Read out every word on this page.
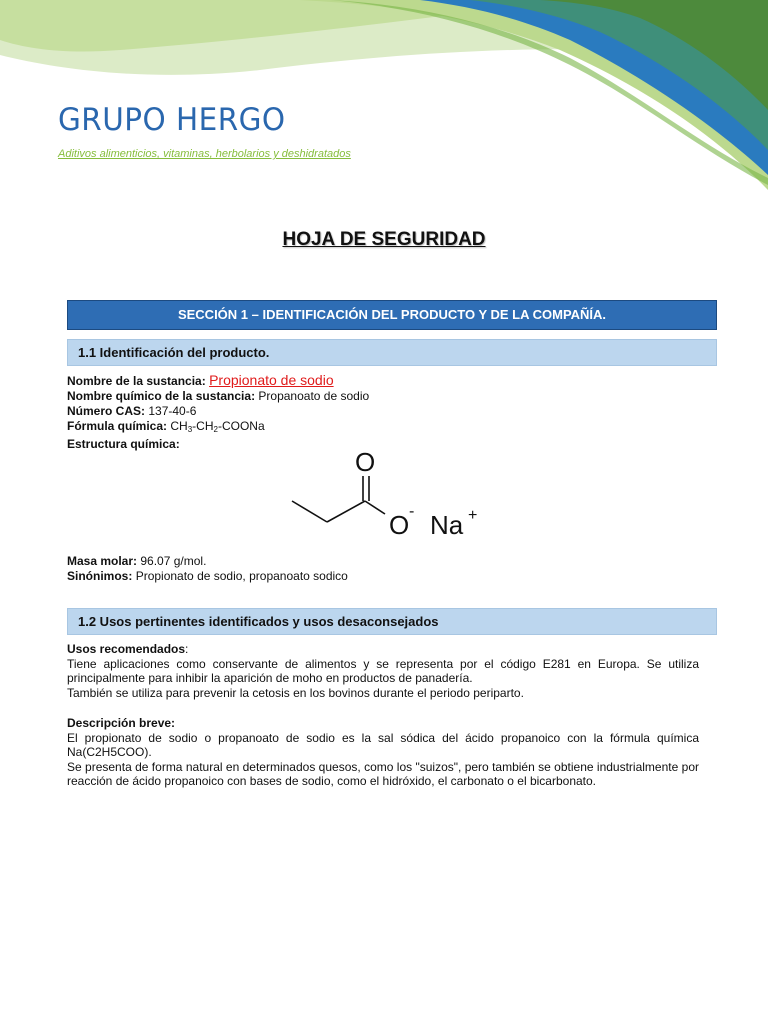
GRUPO HERGO
Aditivos alimenticios, vitaminas, herbolarios y deshidratados
HOJA DE SEGURIDAD
SECCIÓN 1 – IDENTIFICACIÓN DEL PRODUCTO Y DE LA COMPAÑÍA.
1.1 Identificación del producto.
Nombre de la sustancia: Propionato de sodio
Nombre químico de la sustancia: Propanoato de sodio
Número CAS: 137-40-6
Fórmula química: $CH_3-CH_2$-COONa
Estructura química:
O
O - Na +
Masa molar: 96.07 g/mol.
Sinónimos: Propionato de sodio, propanoato sodico
1.2 Usos pertinentes identificados y usos desaconsejados

Usos recomendados:

Tiene aplicaciones como conservante de alimentos y se representa por el código E281 en Europa. Se utiliza principalmente para inhibir la aparición de moho en productos de panadería.

También se utiliza para prevenir la cetosis en los bovinos durante el periodo periparto.

Descripción breve:

El propionato de sodio o propanoato de sodio es la sal sódica del ácido propanoico con la fórmula química Na(C2H5COO).

Se presenta de forma natural en determinados quesos, como los "suizos", pero también se obtiene industrialmente por reacción de ácido propanoico con bases de sodio, como el hidróxido, el carbonato o el bicarbonato.
